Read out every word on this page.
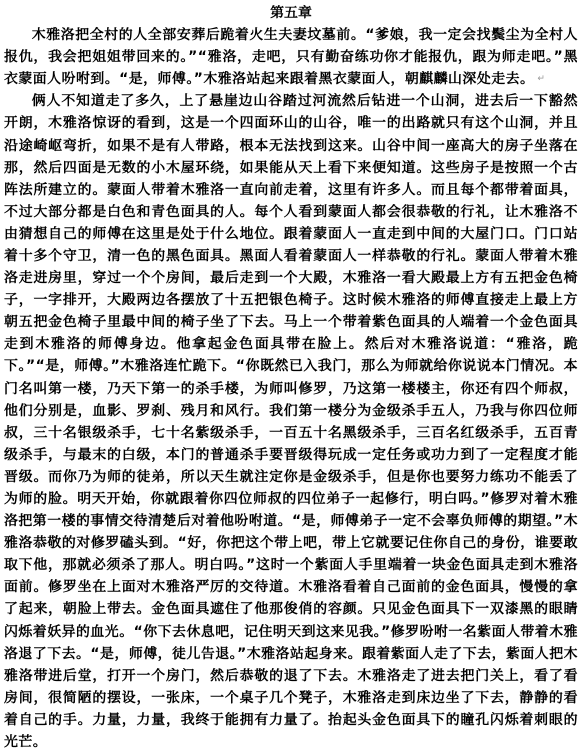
第五章

木雅洛把全村的人全部安葬后跪着火生夫妻坟墓前。“爹娘，我一定会找鬓尘为全村人报仇，我会把姐姐带回来的。”“雅洛，走吧，只有勤奋练功你才能报仇，跟为师走吧。”黑衣蒙面人吩咐到。“是，师傅。”木雅洛站起来跟着黑衣蒙面人，朝麒麟山深处走去。 ↵

俩人不知道走了多久，上了悬崖边山谷踏过河流然后钻进一个山洞，进去后一下豁然开朗，木雅洛惊讶的看到，这是一个四面环山的山谷，唯一的出路就只有这个山洞，并且沿途崎岖弯折，如果不是有人带路，根本无法找到这来。山谷中间一座高大的房子坐落在那，然后四面是无数的小木屋环绕，如果能从天上看下来便知道。这些房子是按照一个古阵法所建立的。蒙面人带着木雅洛一直向前走着，这里有许多人。而且每个都带着面具，不过大部分都是白色和青色面具的人。每个人看到蒙面人都会很恭敬的行礼，让木雅洛不由猜想自己的师傅在这里是处于什么地位。跟着蒙面人一直走到中间的大屋门口。门口站着十多个守卫，清一色的黑色面具。黑面人看着蒙面人一样恭敬的行礼。蒙面人带着木雅洛走进房里，穿过一个个房间，最后走到一个大殿，木雅洛一看大殿最上方有五把金色椅子，一字排开，大殿两边各摆放了十五把银色椅子。这时候木雅洛的师傅直接走上最上方朝五把金色椅子里最中间的椅子坐了下去。马上一个带着紫色面具的人端着一个金色面具走到木雅洛的师傅身边。他拿起金色面具带在脸上。然后对木雅洛说道：“雅洛，跪下。”“是，师傅。”木雅洛连忙跪下。“你既然已入我门，那么为师就给你说说本门情况。本门名叫第一楼，乃天下第一的杀手楼，为师叫修罗，乃这第一楼楼主，你还有四个师叔，他们分别是，血影、罗刹、残月和风行。我们第一楼分为金级杀手五人，乃我与你四位师叔，三十名银级杀手，七十名紫级杀手，一百五十名黑级杀手，三百名红级杀手，五百青级杀手，与最末的白级，本门的普通杀手要晋级得玩成一定任务或功力到了一定程度才能晋级。而你乃为师的徒弟，所以天生就注定你是金级杀手，但是你也要努力练功不能丢了为师的脸。明天开始，你就跟着你四位师叔的四位弟子一起修行，明白吗。”修罗对着木雅洛把第一楼的事情交待清楚后对着他吩咐道。“是，师傅弟子一定不会辜负师傅的期望。”木雅洛恭敬的对修罗磕头到。“好，你把这个带上吧，带上它就要记住你自己的身份，谁要敢取下他，那就必须杀了那人。明白吗。”这时一个紫面人手里端着一块金色面具走到木雅洛面前。修罗坐在上面对木雅洛严厉的交待道。木雅洛看着自己面前的金色面具，慢慢的拿了起来，朝脸上带去。金色面具遮住了他那俊俏的容颜。只见金色面具下一双漆黑的眼睛闪烁着妖异的血光。“你下去休息吧，记住明天到这来见我。”修罗吩咐一名紫面人带着木雅洛退了下去。“是，师傅，徒儿告退。”木雅洛站起身来。跟着紫面人走了下去，紫面人把木雅洛带进后堂，打开一个房门，然后恭敬的退了下去。木雅洛走了进去把门关上，看了看房间，很简陋的摆设，一张床，一个桌子几个凳子，木雅洛走到床边坐了下去，静静的看着自己的手。力量，力量，我终于能拥有力量了。抬起头金色面具下的瞳孔闪烁着刺眼的光芒。
